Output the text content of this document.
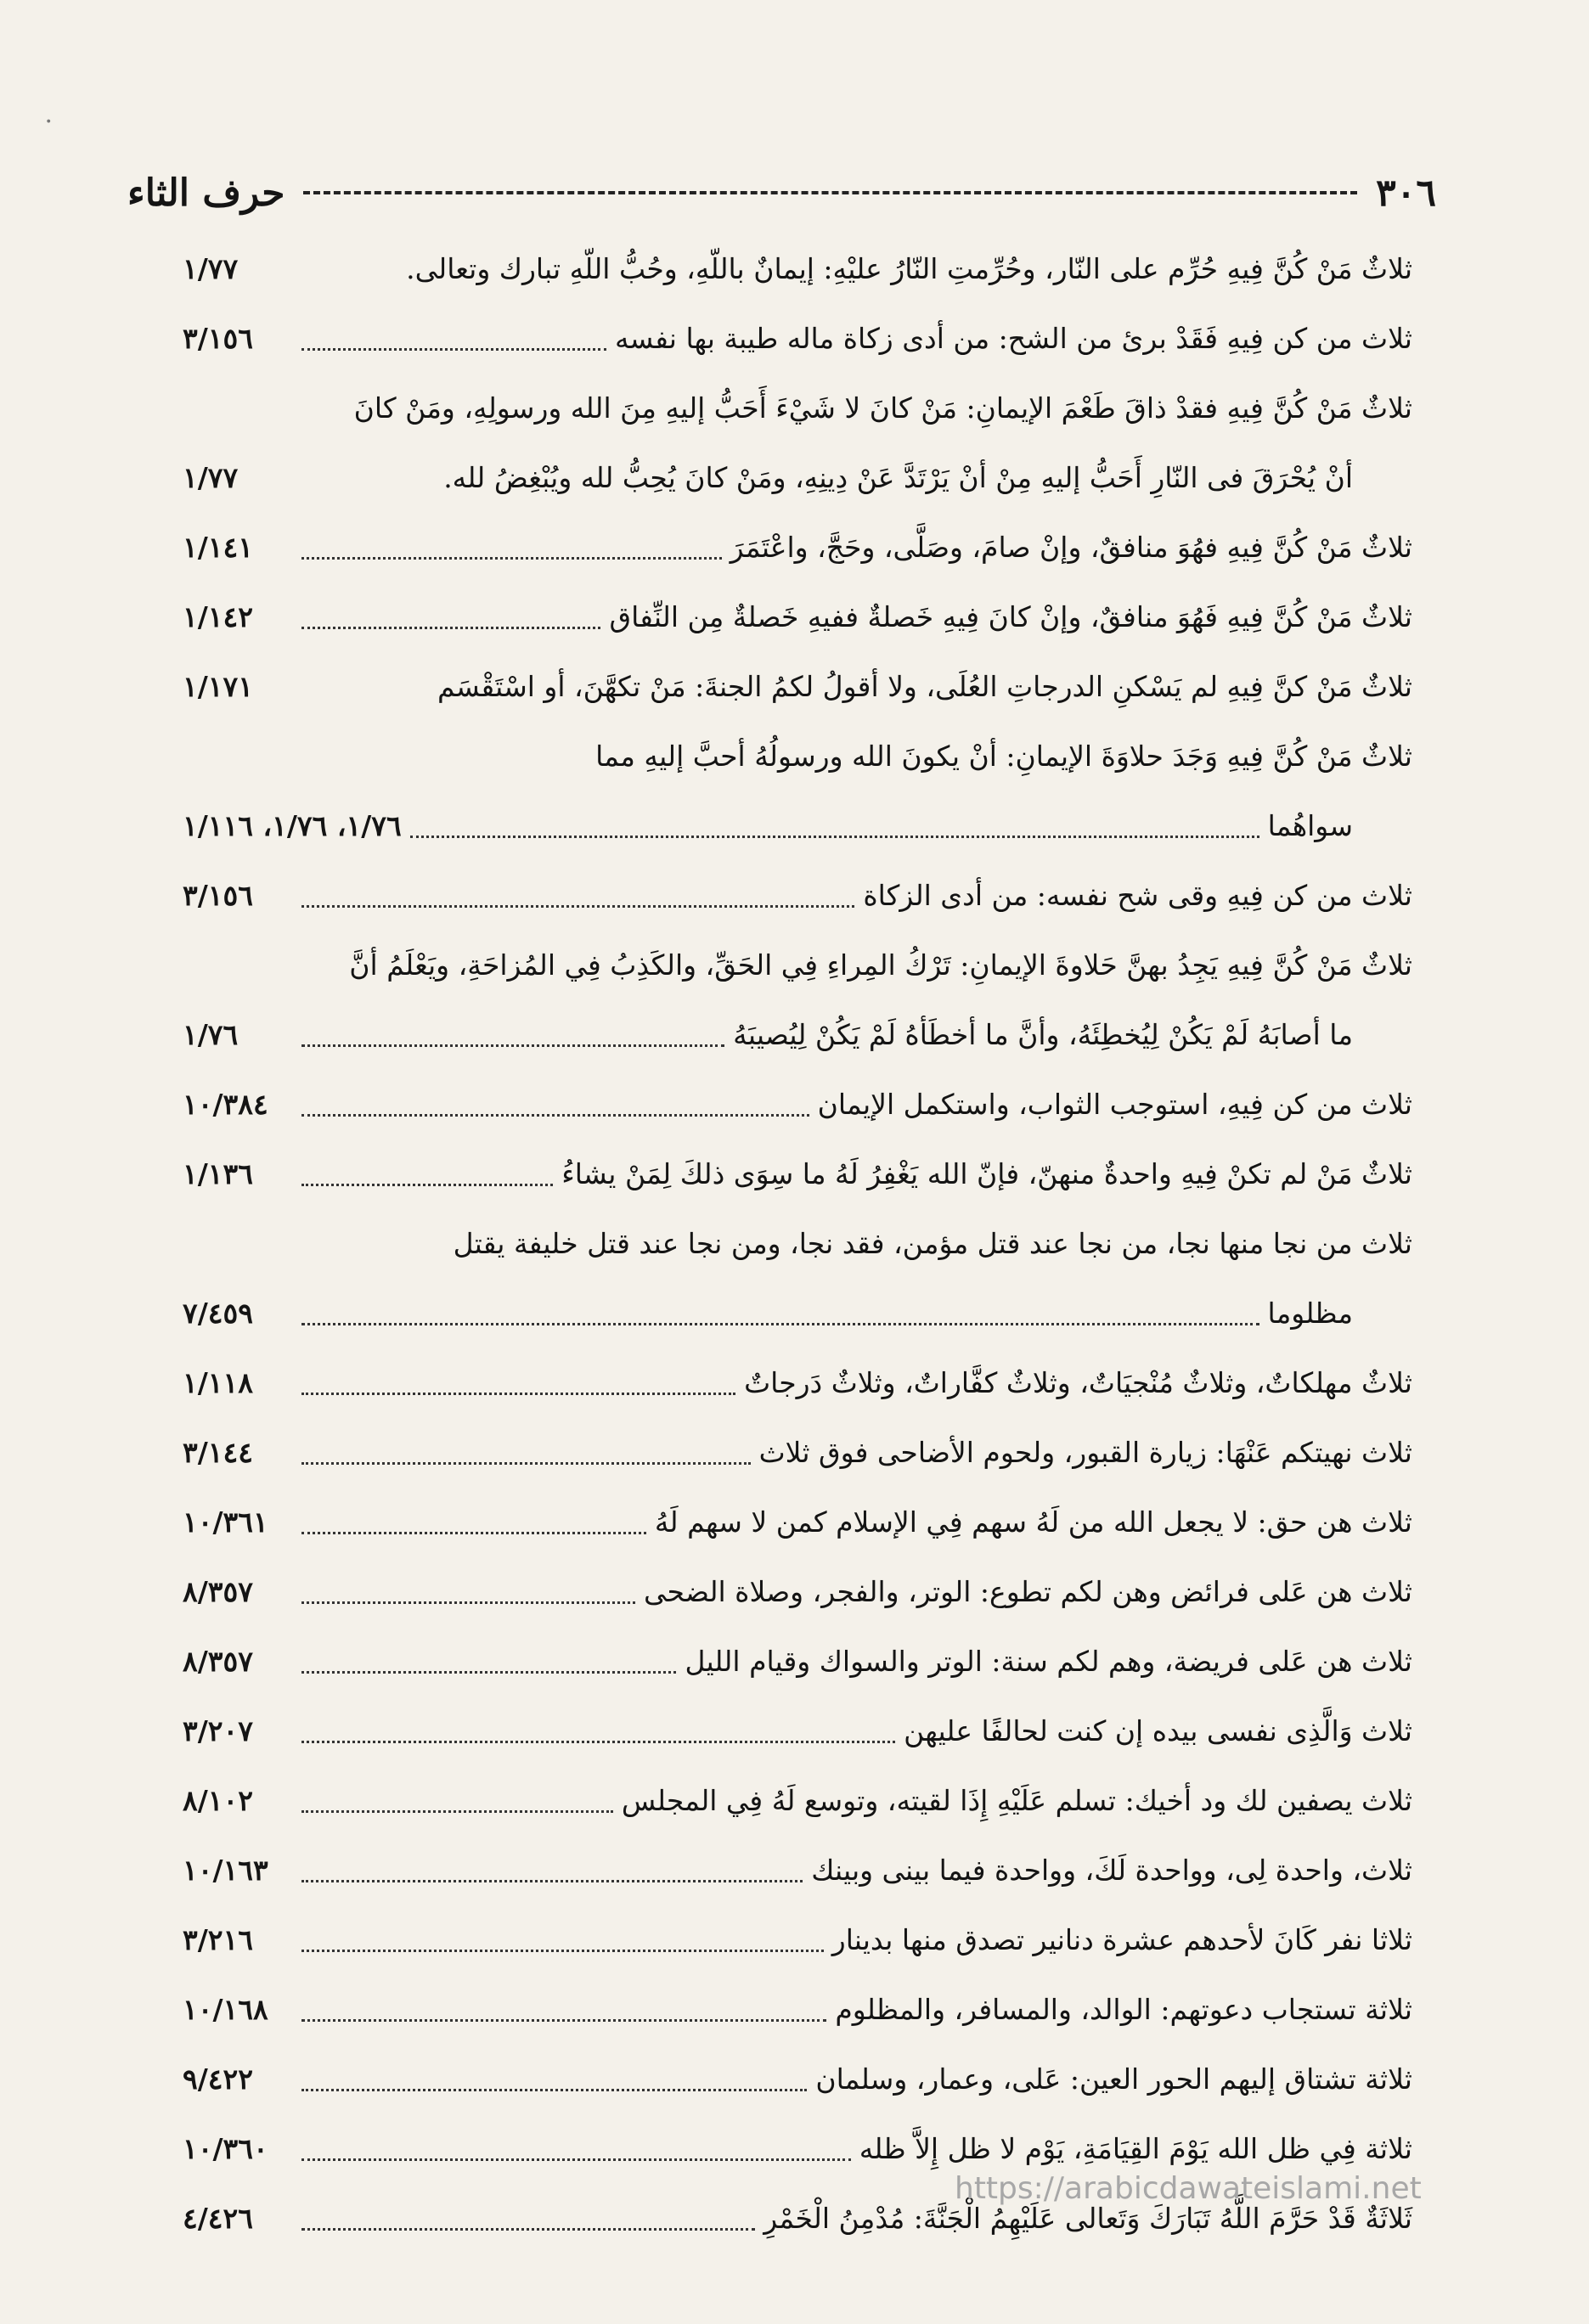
·
٣٠٦
حرف الثاء
ثلاثٌ مَنْ كُنَّ فِيهِ حُرِّم على النّار، وحُرِّمتِ النّارُ عليْهِ: إيمانٌ باللّهِ، وحُبُّ اللّهِ تبارك وتعالى.
١/٧٧
ثلاث من كن فِيهِ فَقَدْ برئ من الشح: من أدى زكاة ماله طيبة بها نفسه
٣/١٥٦
ثلاثٌ مَنْ كُنَّ فِيهِ فقدْ ذاقَ طَعْمَ الإيمانِ: مَنْ كانَ لا شَيْءَ أَحَبُّ إليهِ مِنَ الله ورسولِهِ، ومَنْ كانَ
أنْ يُحْرَقَ فى النّارِ أَحَبُّ إليهِ مِنْ أنْ يَرْتَدَّ عَنْ دِينِهِ، ومَنْ كانَ يُحِبُّ لله ويُبْغِضُ لله.
١/٧٧
ثلاثٌ مَنْ كُنَّ فِيهِ فهُوَ منافقٌ، وإنْ صامَ، وصَلَّى، وحَجَّ، واعْتَمَرَ
١/١٤١
ثلاثٌ مَنْ كُنَّ فِيهِ فَهُوَ منافقٌ، وإنْ كانَ فِيهِ خَصلةٌ ففيهِ خَصلةٌ مِن النِّفاق
١/١٤٢
ثلاثٌ مَنْ كنَّ فِيهِ لم يَسْكنِ الدرجاتِ العُلَى، ولا أقولُ لكمُ الجنةَ: مَنْ تكهَّنَ، أو اسْتَقْسَم
١/١٧١
ثلاثٌ مَنْ كُنَّ فِيهِ وَجَدَ حلاوَةَ الإيمانِ: أنْ يكونَ الله ورسولُهُ أحبَّ إليهِ مما
سواهُما
١/٧٦، ١/٧٦، ١/١١٦
ثلاث من كن فِيهِ وقى شح نفسه: من أدى الزكاة
٣/١٥٦
ثلاثٌ مَنْ كُنَّ فِيهِ يَجِدُ بهنَّ حَلاوةَ الإيمانِ: تَرْكُ المِراءِ فِي الحَقِّ، والكَذِبُ فِي المُزاحَةِ، ويَعْلَمُ أنَّ
ما أصابَهُ لَمْ يَكُنْ لِيُخطِئَهُ، وأنَّ ما أخطَأهُ لَمْ يَكُنْ لِيُصيبَهُ
١/٧٦
ثلاث من كن فِيهِ، استوجب الثواب، واستكمل الإيمان
١٠/٣٨٤
ثلاثٌ مَنْ لم تكنْ فِيهِ واحدةٌ منهنّ، فإنّ الله يَغْفِرُ لَهُ ما سِوَى ذلكَ لِمَنْ يشاءُ
١/١٣٦
ثلاث من نجا منها نجا، من نجا عند قتل مؤمن، فقد نجا، ومن نجا عند قتل خليفة يقتل
مظلوما
٧/٤٥٩
ثلاثٌ مهلكاتٌ، وثلاثٌ مُنْجيَاتٌ، وثلاثٌ كفَّاراتٌ، وثلاثٌ دَرجاتٌ
١/١١٨
ثلاث نهيتكم عَنْهَا: زيارة القبور، ولحوم الأضاحى فوق ثلاث
٣/١٤٤
ثلاث هن حق: لا يجعل الله من لَهُ سهم فِي الإسلام كمن لا سهم لَهُ
١٠/٣٦١
ثلاث هن عَلى فرائض وهن لكم تطوع: الوتر، والفجر، وصلاة الضحى
٨/٣٥٧
ثلاث هن عَلى فريضة، وهم لكم سنة: الوتر والسواك وقيام الليل
٨/٣٥٧
ثلاث وَالَّذِى نفسى بيده إن كنت لحالفًا عليهن
٣/٢٠٧
ثلاث يصفين لك ود أخيك: تسلم عَلَيْهِ إِذَا لقيته، وتوسع لَهُ فِي المجلس
٨/١٠٢
ثلاث، واحدة لِى، وواحدة لَكَ، وواحدة فيما بينى وبينك
١٠/١٦٣
ثلاثا نفر كَانَ لأحدهم عشرة دنانير تصدق منها بدينار
٣/٢١٦
ثلاثة تستجاب دعوتهم: الوالد، والمسافر، والمظلوم
١٠/١٦٨
ثلاثة تشتاق إليهم الحور العين: عَلى، وعمار، وسلمان
٩/٤٢٢
ثلاثة فِي ظل الله يَوْمَ القِيَامَةِ، يَوْم لا ظل إِلاَّ ظله
١٠/٣٦٠
ثَلاثَةٌ قَدْ حَرَّمَ اللَّهُ تَبَارَكَ وَتَعالى عَلَيْهِمُ الْجَنَّةَ: مُدْمِنُ الْخَمْرِ
٤/٤٢٦
https://arabicdawateislami.net
